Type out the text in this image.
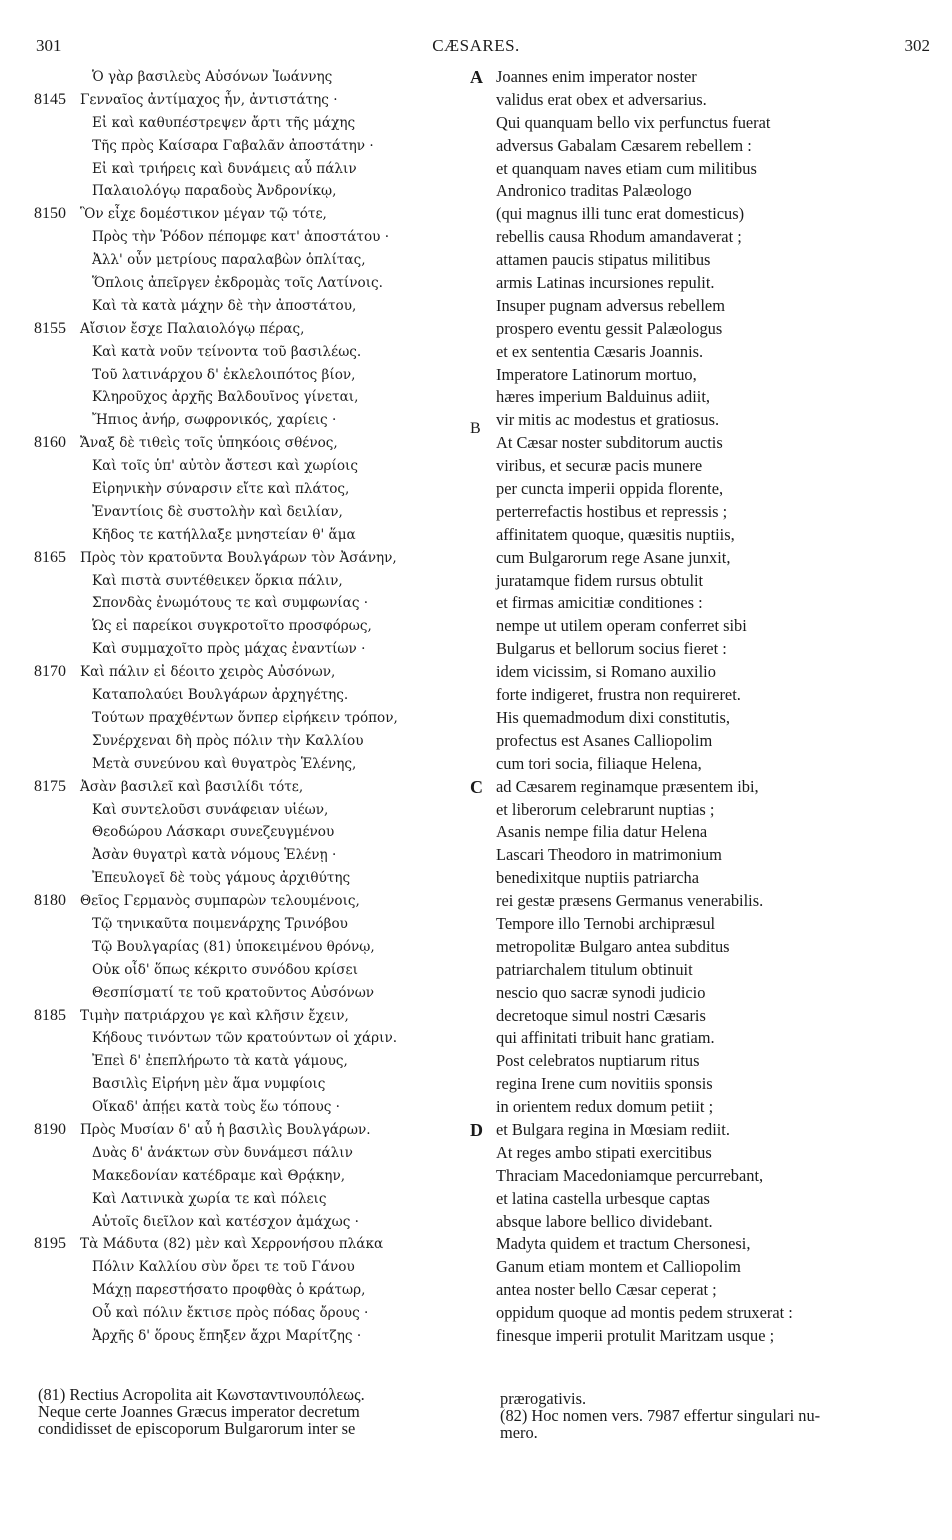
301	CÆSARES.	302
Ὁ γὰρ βασιλεὺς Αὐσόνων Ἰωάννης
8145	Γενναῖος ἀντίμαχος ἦν, ἀντιστάτης ·
Εἰ καὶ καθυπέστρεψεν ἄρτι τῆς μάχης
Τῆς πρὸς Καίσαρα Γαβαλᾶν ἀποστάτην ·
Εἰ καὶ τριήρεις καὶ δυνάμεις αὖ πάλιν
Παλαιολόγῳ παραδοὺς Ἀνδρονίκῳ,
8150	Ὃν εἶχε δομέστικον μέγαν τῷ τότε,
Πρὸς τὴν Ῥόδον πέπομφε κατ' ἀποστάτου ·
Ἀλλ' οὖν μετρίους παραλαβὼν ὁπλίτας,
Ὅπλοις ἀπεῖργεν ἐκδρομὰς τοῖς Λατίνοις.
Καὶ τὰ κατὰ μάχην δὲ τὴν ἀποστάτου,
8155	Αἴσιον ἔσχε Παλαιολόγῳ πέρας,
Καὶ κατὰ νοῦν τείνοντα τοῦ βασιλέως.
Τοῦ λατινάρχου δ' ἐκλελοιπότος βίον,
Κληροῦχος ἀρχῆς Βαλδουῖνος γίνεται,
Ἤπιος ἀνήρ, σωφρονικός, χαρίεις ·
8160	Ἄναξ δὲ τιθεὶς τοῖς ὑπηκόοις σθένος,
Καὶ τοῖς ὑπ' αὐτὸν ἄστεσι καὶ χωρίοις
Εἰρηνικὴν σύναρσιν εἴτε καὶ πλάτος,
Ἐναντίοις δὲ συστολὴν καὶ δειλίαν,
Κῆδος τε κατήλλαξε μνηστείαν θ' ἅμα
8165	Πρὸς τὸν κρατοῦντα Βουλγάρων τὸν Ἀσάνην,
Καὶ πιστὰ συντέθεικεν ὅρκια πάλιν,
Σπονδὰς ἐνωμότους τε καὶ συμφωνίας ·
Ὡς εἰ παρείκοι συγκροτοῖτο προσφόρως,
Καὶ συμμαχοῖτο πρὸς μάχας ἐναντίων ·
8170	Καὶ πάλιν εἰ δέοιτο χειρὸς Αὐσόνων,
Καταπολαύει Βουλγάρων ἀρχηγέτης.
Τούτων πραχθέντων ὅνπερ εἰρήκειν τρόπον,
Συνέρχεναι δὴ πρὸς πόλιν τὴν Καλλίου
Μετὰ συνεύνου καὶ θυγατρὸς Ἑλένης,
8175	Ἀσὰν βασιλεῖ καὶ βασιλίδι τότε,
Καὶ συντελοῦσι συνάφειαν υἱέων,
Θεοδώρου Λάσκαρι συνεζευγμένου
Ἀσὰν θυγατρὶ κατὰ νόμους Ἑλένῃ ·
Ἐπευλογεῖ δὲ τοὺς γάμους ἀρχιθύτης
8180	Θεῖος Γερμανὸς συμπαρὼν τελουμένοις,
Τῷ τηνικαῦτα ποιμενάρχης Τρινόβου
Τῷ Βουλγαρίας (81) ὑποκειμένου θρόνῳ,
Οὐκ οἶδ' ὅπως κέκριτο συνόδου κρίσει
Θεσπίσματί τε τοῦ κρατοῦντος Αὐσόνων
8185	Τιμὴν πατριάρχου γε καὶ κλῆσιν ἔχειν,
Κήδους τινόντων τῶν κρατούντων οἱ χάριν.
Ἐπεὶ δ' ἐπεπλήρωτο τὰ κατὰ γάμους,
Βασιλὶς Εἰρήνη μὲν ἅμα νυμφίοις
Οἴκαδ' ἀπῄει κατὰ τοὺς ἕω τόπους ·
8190	Πρὸς Μυσίαν δ' αὖ ἡ βασιλὶς Βουλγάρων.
Δυὰς δ' ἀνάκτων σὺν δυνάμεσι πάλιν
Μακεδονίαν κατέδραμε καὶ Θρᾴκην,
Καὶ Λατινικὰ χωρία τε καὶ πόλεις
Αὐτοῖς διεῖλον καὶ κατέσχον ἀμάχως ·
8195	Τὰ Μάδυτα (82) μὲν καὶ Χερρονήσου πλάκα
Πόλιν Καλλίου σὺν ὄρει τε τοῦ Γάνου
Μάχῃ παρεστήσατο προφθὰς ὁ κράτωρ,
Οὗ καὶ πόλιν ἔκτισε πρὸς πόδας ὄρους ·
Ἀρχῆς δ' ὅρους ἔπηξεν ἄχρι Μαρίτζης ·
A Joannes enim imperator noster
validus erat obex et adversarius.
Qui quanquam bello vix perfunctus fuerat
adversus Gabalam Cæsarem rebellem :
et quanquam naves etiam cum militibus
Andronico traditas Palæologo
(qui magnus illi tunc erat domesticus)
rebellis causa Rhodum amandaverat ;
attamen paucis stipatus militibus
armis Latinas incursiones repulit.
Insuper pugnam adversus rebellem
prospero eventu gessit Palæologus
et ex sententia Cæsaris Joannis.
Imperatore Latinorum mortuo,
hæres imperium Balduinus adiit,
B vir mitis ac modestus et gratiosus.
At Cæsar noster subditorum auctis
viribus, et securæ pacis munere
per cuncta imperii oppida florente,
perterrefactis hostibus et repressis ;
affinitatem quoque, quæsitis nuptiis,
cum Bulgarorum rege Asane junxit,
juratamque fidem rursus obtulit
et firmas amicitiæ conditiones :
nempe ut utilem operam conferret sibi
Bulgarus et bellorum socius fieret :
idem vicissim, si Romano auxilio
forte indigeret, frustra non requireret.
His quemadmodum dixi constitutis,
profectus est Asanes Calliopolim
cum tori socia, filiaque Helena,
C ad Cæsarem reginamque præsentem ibi,
et liberorum celebrarunt nuptias ;
Asanis nempe filia datur Helena
Lascari Theodoro in matrimonium
benedixitque nuptiis patriarcha
rei gestæ præsens Germanus venerabilis.
Tempore illo Ternobi archipræsul
metropolitæ Bulgaro antea subditus
patriarchalem titulum obtinuit
nescio quo sacræ synodi judicio
decretoque simul nostri Cæsaris
qui affinitati tribuit hanc gratiam.
Post celebratos nuptiarum ritus
regina Irene cum novitiis sponsis
in orientem redux domum petiit ;
D et Bulgara regina in Mœsiam rediit.
At reges ambo stipati exercitibus
Thraciam Macedoniamque percurrebant,
et latina castella urbesque captas
absque labore bellico dividebant.
Madyta quidem et tractum Chersonesi,
Ganum etiam montem et Calliopolim
antea noster bello Cæsar ceperat ;
oppidum quoque ad montis pedem struxerat :
finesque imperii protulit Maritzam usque ;
(81) Rectius Acropolita ait Κωνσταντινουπόλεως.
Neque certe Joannes Græcus imperator decretum
condidisset de episcoporum Bulgarorum inter se
prærogativis.
(82) Hoc nomen vers. 7987 effertur singulari nu-
mero.
